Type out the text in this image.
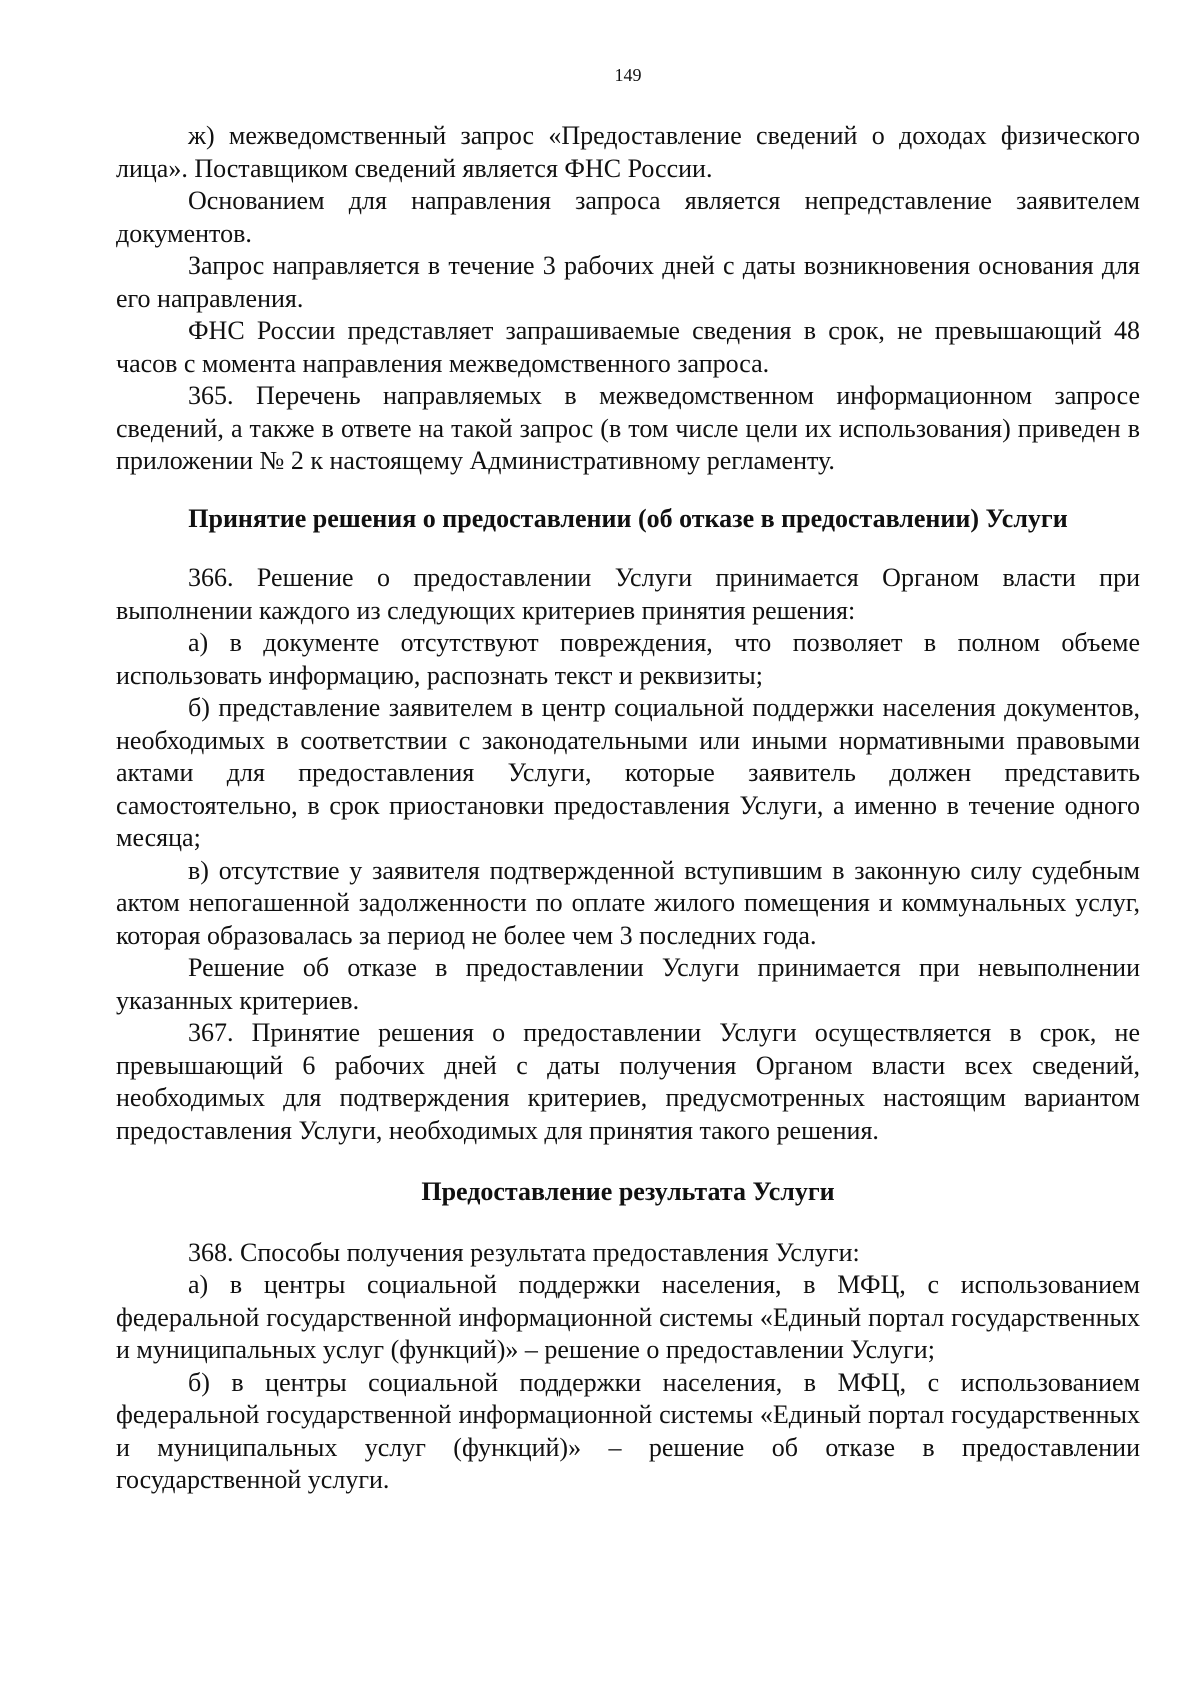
149

ж) межведомственный запрос «Предоставление сведений о доходах физического лица». Поставщиком сведений является ФНС России.

Основанием для направления запроса является непредставление заявителем документов.

Запрос направляется в течение 3 рабочих дней с даты возникновения основания для его направления.

ФНС России представляет запрашиваемые сведения в срок, не превышающий 48 часов с момента направления межведомственного запроса.

365. Перечень направляемых в межведомственном информационном запросе сведений, а также в ответе на такой запрос (в том числе цели их использования) приведен в приложении № 2 к настоящему Административному регламенту.

Принятие решения о предоставлении (об отказе в предоставлении) Услуги

366. Решение о предоставлении Услуги принимается Органом власти при выполнении каждого из следующих критериев принятия решения:

а) в документе отсутствуют повреждения, что позволяет в полном объеме использовать информацию, распознать текст и реквизиты;

б) представление заявителем в центр социальной поддержки населения документов, необходимых в соответствии с законодательными или иными нормативными правовыми актами для предоставления Услуги, которые заявитель должен представить самостоятельно, в срок приостановки предоставления Услуги, а именно в течение одного месяца;

в) отсутствие у заявителя подтвержденной вступившим в законную силу судебным актом непогашенной задолженности по оплате жилого помещения и коммунальных услуг, которая образовалась за период не более чем 3 последних года.

Решение об отказе в предоставлении Услуги принимается при невыполнении указанных критериев.

367. Принятие решения о предоставлении Услуги осуществляется в срок, не превышающий 6 рабочих дней с даты получения Органом власти всех сведений, необходимых для подтверждения критериев, предусмотренных настоящим вариантом предоставления Услуги, необходимых для принятия такого решения.

Предоставление результата Услуги

368. Способы получения результата предоставления Услуги:

а) в центры социальной поддержки населения, в МФЦ, с использованием федеральной государственной информационной системы «Единый портал государственных и муниципальных услуг (функций)» – решение о предоставлении Услуги;

б) в центры социальной поддержки населения, в МФЦ, с использованием федеральной государственной информационной системы «Единый портал государственных и муниципальных услуг (функций)» – решение об отказе в предоставлении государственной услуги.
